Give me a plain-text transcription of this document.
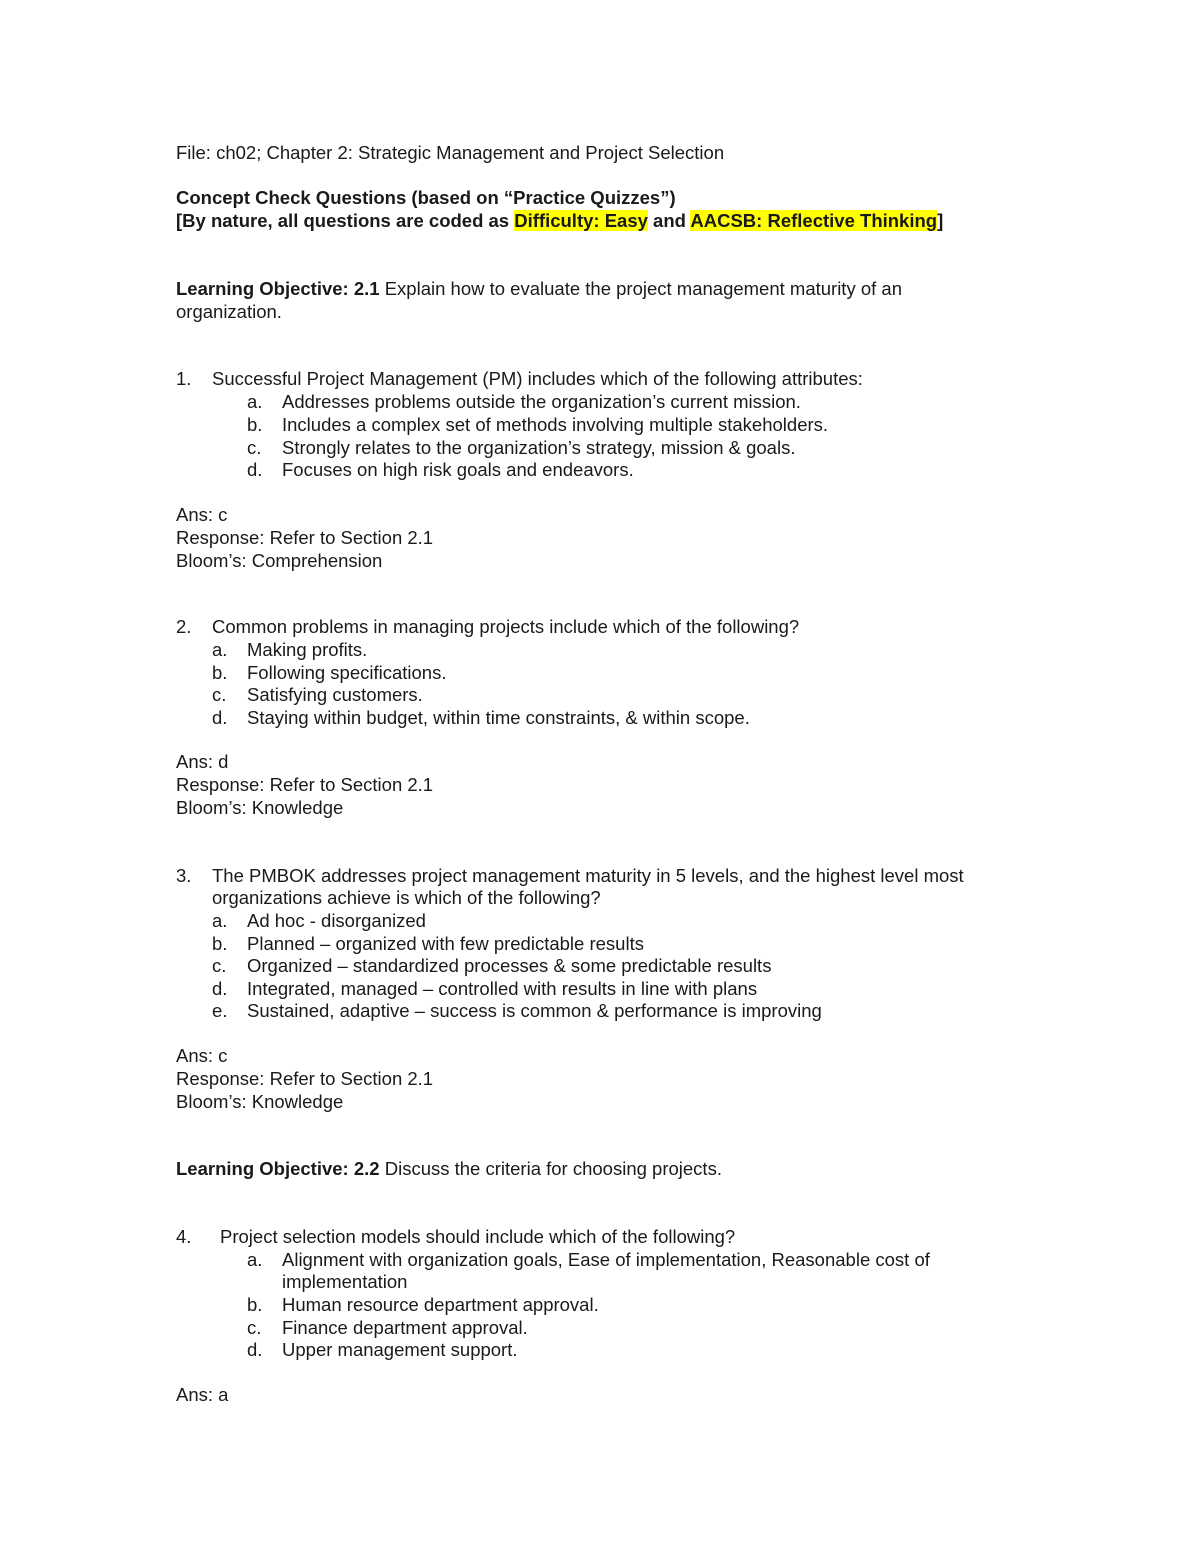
File: ch02; Chapter 2: Strategic Management and Project Selection
Concept Check Questions (based on “Practice Quizzes”)
[By nature, all questions are coded as Difficulty: Easy and AACSB: Reflective Thinking]
Learning Objective: 2.1 Explain how to evaluate the project management maturity of an
organization.
1. Successful Project Management (PM) includes which of the following attributes:
a. Addresses problems outside the organization’s current mission.
b. Includes a complex set of methods involving multiple stakeholders.
c. Strongly relates to the organization’s strategy, mission & goals.
d. Focuses on high risk goals and endeavors.
Ans: c
Response: Refer to Section 2.1
Bloom’s: Comprehension
2. Common problems in managing projects include which of the following?
a. Making profits.
b. Following specifications.
c. Satisfying customers.
d. Staying within budget, within time constraints, & within scope.
Ans: d
Response: Refer to Section 2.1
Bloom’s: Knowledge
3. The PMBOK addresses project management maturity in 5 levels, and the highest level most
organizations achieve is which of the following?
a. Ad hoc - disorganized
b. Planned – organized with few predictable results
c. Organized – standardized processes & some predictable results
d. Integrated, managed – controlled with results in line with plans
e. Sustained, adaptive – success is common & performance is improving
Ans: c
Response: Refer to Section 2.1
Bloom’s: Knowledge
Learning Objective: 2.2 Discuss the criteria for choosing projects.
4. Project selection models should include which of the following?
a. Alignment with organization goals, Ease of implementation, Reasonable cost of
implementation
b. Human resource department approval.
c. Finance department approval.
d. Upper management support.
Ans: a
